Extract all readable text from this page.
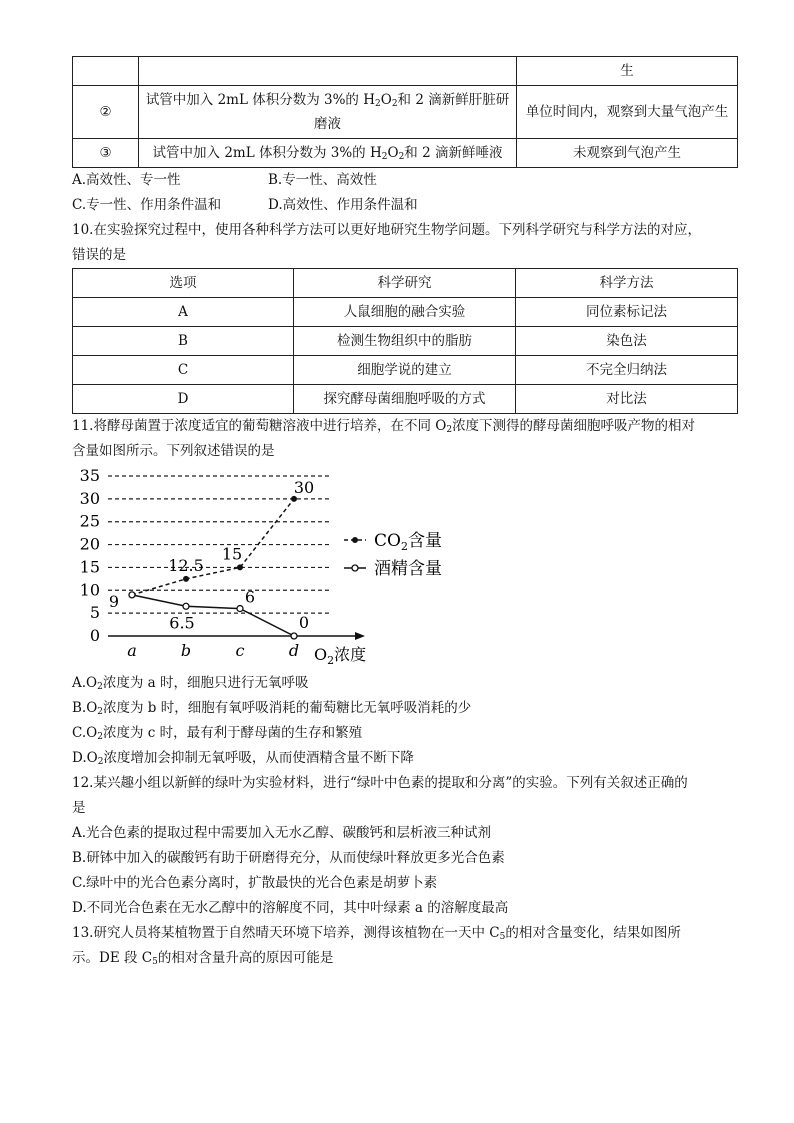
		生
②	试管中加入 2mL 体积分数为 3%的 $H_2O_2$和 2 滴新鲜肝脏研磨液	单位时间内，观察到大量气泡产生
③	试管中加入 2mL 体积分数为 3%的 $H_2O_2$和 2 滴新鲜唾液	未观察到气泡产生
A.高效性、专一性	B.专一性、高效性
C.专一性、作用条件温和	D.高效性、作用条件温和
10.在实验探究过程中，使用各种科学方法可以更好地研究生物学问题。下列科学研究与科学方法的对应，
错误的是
选项	科学研究	科学方法
A	人鼠细胞的融合实验	同位素标记法
B	检测生物组织中的脂肪	染色法
C	细胞学说的建立	不完全归纳法
D	探究酵母菌细胞呼吸的方式	对比法
11.将酵母菌置于浓度适宜的葡萄糖溶液中进行培养，在不同 $O_2$浓度下测得的酵母菌细胞呼吸产物的相对
含量如图所示。下列叙述错误的是
0
5
10
15
20
25
30
35
a	b	c	d $O_2$浓度
12.5
15
30
9
6.5
6
0
$CO_2$含量
酒精含量
$A.O_2$浓度为 a 时，细胞只进行无氧呼吸
$B.O_2$浓度为 b 时，细胞有氧呼吸消耗的葡萄糖比无氧呼吸消耗的少
$C.O_2$浓度为 c 时，最有利于酵母菌的生存和繁殖
$D.O_2$浓度增加会抑制无氧呼吸，从而使酒精含量不断下降
12.某兴趣小组以新鲜的绿叶为实验材料，进行“绿叶中色素的提取和分离”的实验。下列有关叙述正确的
是
A.光合色素的提取过程中需要加入无水乙醇、碳酸钙和层析液三种试剂
B.研钵中加入的碳酸钙有助于研磨得充分，从而使绿叶释放更多光合色素
C.绿叶中的光合色素分离时，扩散最快的光合色素是胡萝卜素
D.不同光合色素在无水乙醇中的溶解度不同，其中叶绿素 a 的溶解度最高
13.研究人员将某植物置于自然晴天环境下培养，测得该植物在一天中 $C_5$的相对含量变化，结果如图所
示。DE 段 $C_5$的相对含量升高的原因可能是
